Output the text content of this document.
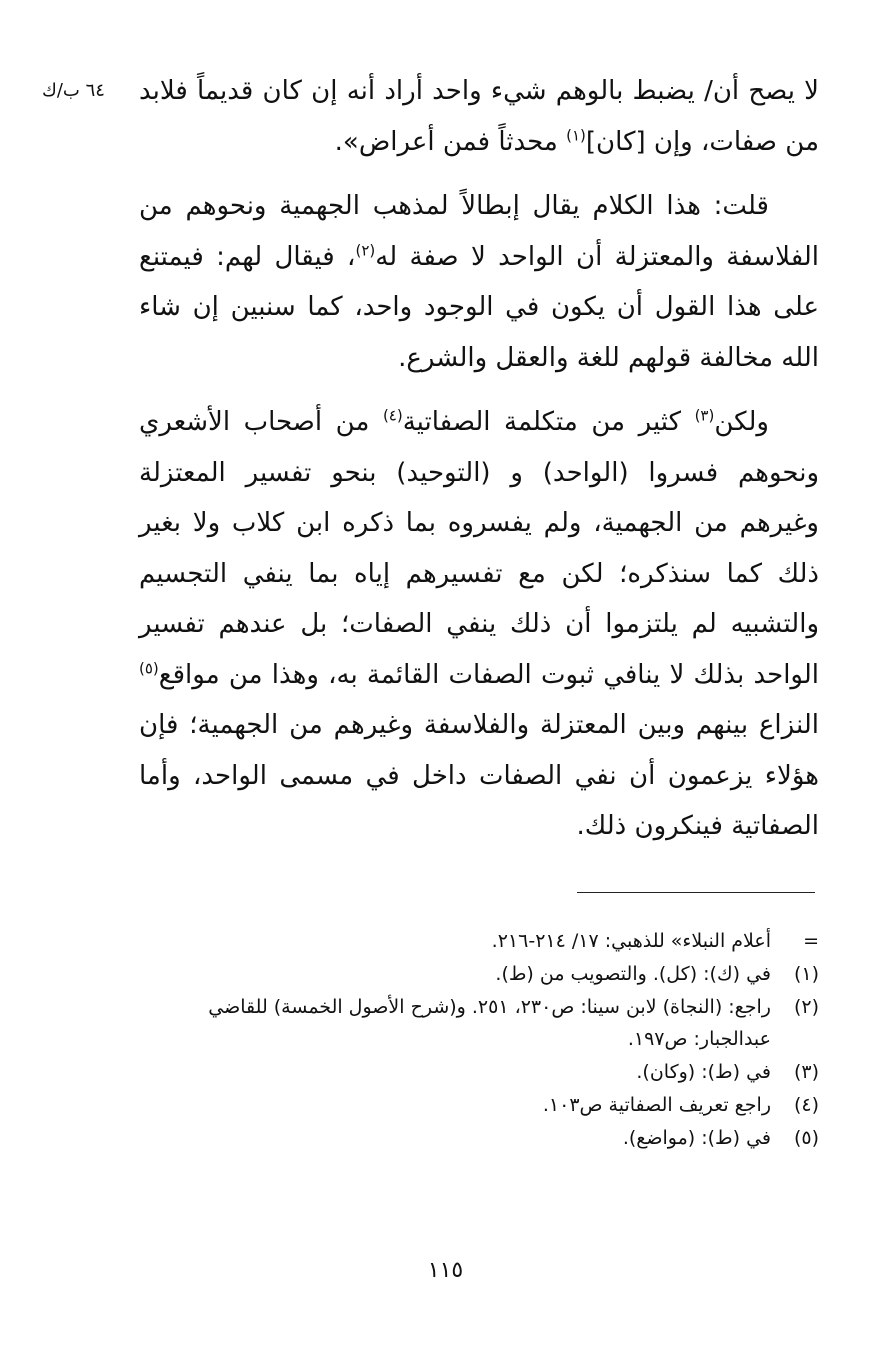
٦٤ ب/ك	لا يصح أن/ يضبط بالوهم شيء واحد أراد أنه إن كان قديماً فلابد من صفات، وإن [كان]$^{(١)}$ محدثاً فمن أعراض».

قلت: هذا الكلام يقال إبطالاً لمذهب الجهمية ونحوهم من الفلاسفة والمعتزلة أن الواحد لا صفة له$^{(٢)}$، فيقال لهم: فيمتنع على هذا القول أن يكون في الوجود واحد، كما سنبين إن شاء الله مخالفة قولهم للغة والعقل والشرع.

ولكن$^{(٣)}$ كثير من متكلمة الصفاتية$^{(٤)}$ من أصحاب الأشعري ونحوهم فسروا (الواحد) و (التوحيد) بنحو تفسير المعتزلة وغيرهم من الجهمية، ولم يفسروه بما ذكره ابن كلاب ولا بغير ذلك كما سنذكره؛ لكن مع تفسيرهم إياه بما ينفي التجسيم والتشبيه لم يلتزموا أن ذلك ينفي الصفات؛ بل عندهم تفسير الواحد بذلك لا ينافي ثبوت الصفات القائمة به، وهذا من مواقع$^{(٥)}$ النزاع بينهم وبين المعتزلة والفلاسفة وغيرهم من الجهمية؛ فإن هؤلاء يزعمون أن نفي الصفات داخل في مسمى الواحد، وأما الصفاتية فينكرون ذلك.

=
أعلام النبلاء» للذهبي: ١٧/ ٢١٤-٢١٦.
(١)
في (ك): (كل). والتصويب من (ط).
(٢)
راجع: (النجاة) لابن سينا: ص٢٣٠، ٢٥١. و(شرح الأصول الخمسة) للقاضي عبدالجبار: ص١٩٧.
(٣)
في (ط): (وكان).
(٤)
راجع تعريف الصفاتية ص١٠٣.
(٥)
في (ط): (مواضع).
١١٥
